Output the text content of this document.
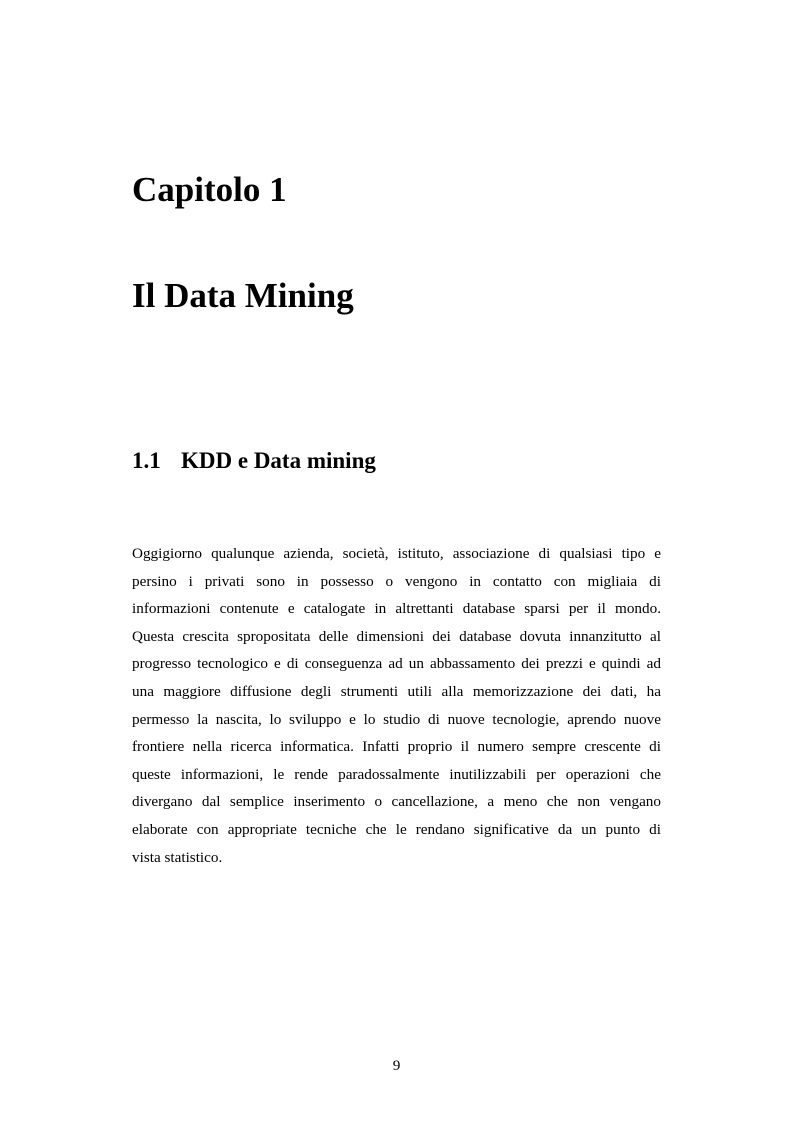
Capitolo 1
Il Data Mining
1.1 KDD e Data mining
Oggigiorno qualunque azienda, società, istituto, associazione di qualsiasi tipo e
persino i privati sono in possesso o vengono in contatto con migliaia di
informazioni contenute e catalogate in altrettanti database sparsi per il mondo.
Questa crescita spropositata delle dimensioni dei database dovuta innanzitutto al
progresso tecnologico e di conseguenza ad un abbassamento dei prezzi e quindi ad
una maggiore diffusione degli strumenti utili alla memorizzazione dei dati, ha
permesso la nascita, lo sviluppo e lo studio di nuove tecnologie, aprendo nuove
frontiere nella ricerca informatica. Infatti proprio il numero sempre crescente di
queste informazioni, le rende paradossalmente inutilizzabili per operazioni che
divergano dal semplice inserimento o cancellazione, a meno che non vengano
elaborate con appropriate tecniche che le rendano significative da un punto di
vista statistico.
9
